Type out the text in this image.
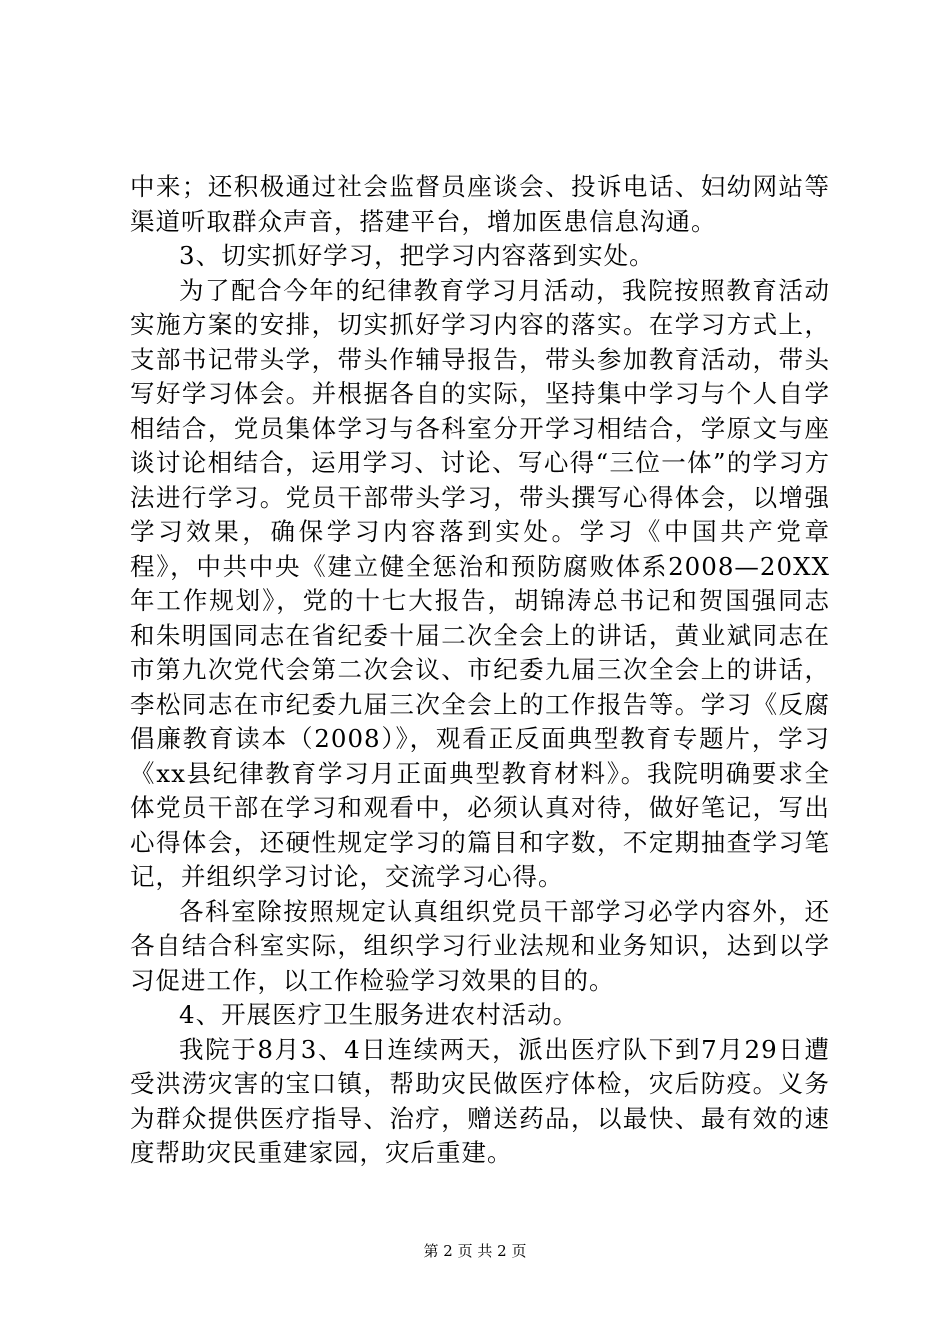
中来；还积极通过社会监督员座谈会、投诉电话、妇幼网站等渠道听取群众声音，搭建平台，增加医患信息沟通。

3、切实抓好学习，把学习内容落到实处。

为了配合今年的纪律教育学习月活动，我院按照教育活动实施方案的安排，切实抓好学习内容的落实。在学习方式上，支部书记带头学，带头作辅导报告，带头参加教育活动，带头写好学习体会。并根据各自的实际，坚持集中学习与个人自学相结合，党员集体学习与各科室分开学习相结合，学原文与座谈讨论相结合，运用学习、讨论、写心得“三位一体”的学习方法进行学习。党员干部带头学习，带头撰写心得体会，以增强学习效果，确保学习内容落到实处。学习《中国共产党章程》，中共中央《建立健全惩治和预防腐败体系2008—20XX年工作规划》，党的十七大报告，胡锦涛总书记和贺国强同志和朱明国同志在省纪委十届二次全会上的讲话，黄业斌同志在市第九次党代会第二次会议、市纪委九届三次全会上的讲话，李松同志在市纪委九届三次全会上的工作报告等。学习《反腐倡廉教育读本（2008）》，观看正反面典型教育专题片，学习《xx县纪律教育学习月正面典型教育材料》。我院明确要求全体党员干部在学习和观看中，必须认真对待，做好笔记，写出心得体会，还硬性规定学习的篇目和字数，不定期抽查学习笔记，并组织学习讨论，交流学习心得。

各科室除按照规定认真组织党员干部学习必学内容外，还各自结合科室实际，组织学习行业法规和业务知识，达到以学习促进工作，以工作检验学习效果的目的。

4、开展医疗卫生服务进农村活动。

我院于8月3、4日连续两天，派出医疗队下到7月29日遭受洪涝灾害的宝口镇，帮助灾民做医疗体检，灾后防疫。义务为群众提供医疗指导、治疗，赠送药品，以最快、最有效的速度帮助灾民重建家园，灾后重建。

第 2 页 共 2 页
